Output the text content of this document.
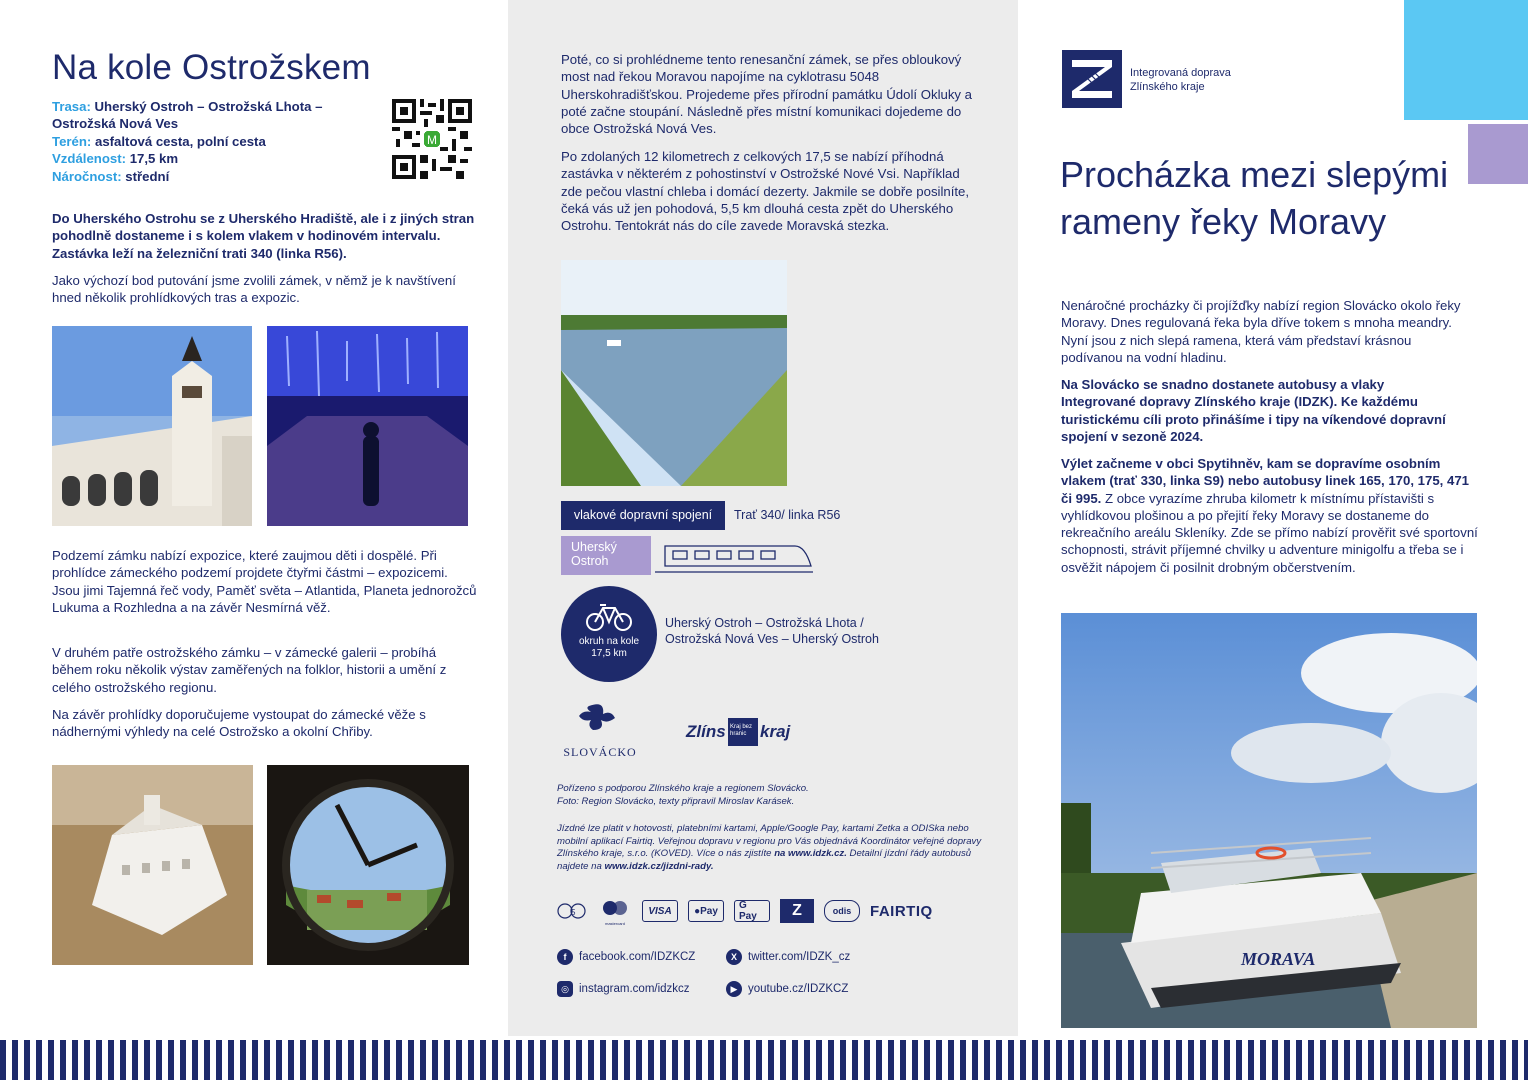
Na kole Ostrožskem
Trasa: Uherský Ostroh – Ostrožská Lhota – Ostrožská Nová Ves
Terén: asfaltová cesta, polní cesta
Vzdálenost: 17,5 km
Náročnost: střední
M

Do Uherského Ostrohu se z Uherského Hradiště, ale i z jiných stran pohodlně dostaneme i s kolem vlakem v hodinovém intervalu. Zastávka leží na železniční trati 340 (linka R56).

Jako výchozí bod putování jsme zvolili zámek, v němž je k navštívení hned několik prohlídkových tras a expozic.

Podzemí zámku nabízí expozice, které zaujmou děti i dospělé. Při prohlídce zámeckého podzemí projdete čtyřmi částmi – expozicemi. Jsou jimi Tajemná řeč vody, Paměť světa – Atlantida, Planeta jednorožců Lukuma a Rozhledna a na závěr Nesmírná věž.

V druhém patře ostrožského zámku – v zámecké galerii – probíhá během roku několik výstav zaměřených na folklor, historii a umění z celého ostrožského regionu.

Na závěr prohlídky doporučujeme vystoupat do zámecké věže s nádhernými výhledy na celé Ostrožsko a okolní Chřiby.

Poté, co si prohlédneme tento renesanční zámek, se přes obloukový most nad řekou Moravou napojíme na cyklotrasu 5048 Uherskohradišťskou. Projedeme přes přírodní památku Údolí Okluky a poté začne stoupání. Následně přes místní komunikaci dojedeme do obce Ostrožská Nová Ves.

Po zdolaných 12 kilometrech z celkových 17,5 se nabízí příhodná zastávka v některém z pohostinství v Ostrožské Nové Vsi. Například zde pečou vlastní chleba i domácí dezerty. Jakmile se dobře posilníte, čeká vás už jen pohodová, 5,5 km dlouhá cesta zpět do Uherského Ostrohu. Tentokrát nás do cíle zavede Moravská stezka.

vlakové dopravní spojení	Trať 340/ linka R56
Uherský Ostroh
okruh na kole
17,5 km
Uherský Ostroh – Ostrožská Lhota / Ostrožská Nová Ves – Uherský Ostroh
SLOVÁCKO
Zlíns Kraj bez hranic kraj
Pořízeno s podporou Zlínského kraje a regionem Slovácko.
Foto: Region Slovácko, texty připravil Miroslav Karásek.
Jízdné lze platit v hotovosti, platebními kartami, Apple/Google Pay, kartami Zetka a ODISka nebo mobilní aplikací Fairtiq. Veřejnou dopravu v regionu pro Vás objednává Koordinátor veřejné dopravy Zlínského kraje, s.r.o. (KOVED). Více o nás zjistíte na www.idzk.cz. Detailní jízdní řády autobusů najdete na www.idzk.cz/jizdni-rady.
5
mastercard
VISA	● Pay	G Pay	Z	odis	FAIRTIQ
f	facebook.com/IDZKCZ	X twitter.com/IDZK_cz
◎ instagram.com/idzkcz	▶ youtube.cz/IDZKCZ
Integrovaná doprava
Zlínského kraje
Procházka mezi slepými rameny řeky Moravy

Nenáročné procházky či projížďky nabízí region Slovácko okolo řeky Moravy. Dnes regulovaná řeka byla dříve tokem s mnoha meandry. Nyní jsou z nich slepá ramena, která vám představí krásnou podívanou na vodní hladinu.

Na Slovácko se snadno dostanete autobusy a vlaky Integrované dopravy Zlínského kraje (IDZK). Ke každému turistickému cíli proto přinášíme i tipy na víkendové dopravní spojení v sezoně 2024.

Výlet začneme v obci Spytihněv, kam se dopravíme osobním vlakem (trať 330, linka S9) nebo autobusy linek 165, 170, 175, 471 či 995. Z obce vyrazíme zhruba kilometr k místnímu přístavišti s vyhlídkovou plošinou a po přejití řeky Moravy se dostaneme do rekreačního areálu Skleníky. Zde se přímo nabízí prověřit své sportovní schopnosti, strávit příjemné chvilky u adventure minigolfu a třeba se i osvěžit nápojem či posilnit drobným občerstvením.

MORAVA
